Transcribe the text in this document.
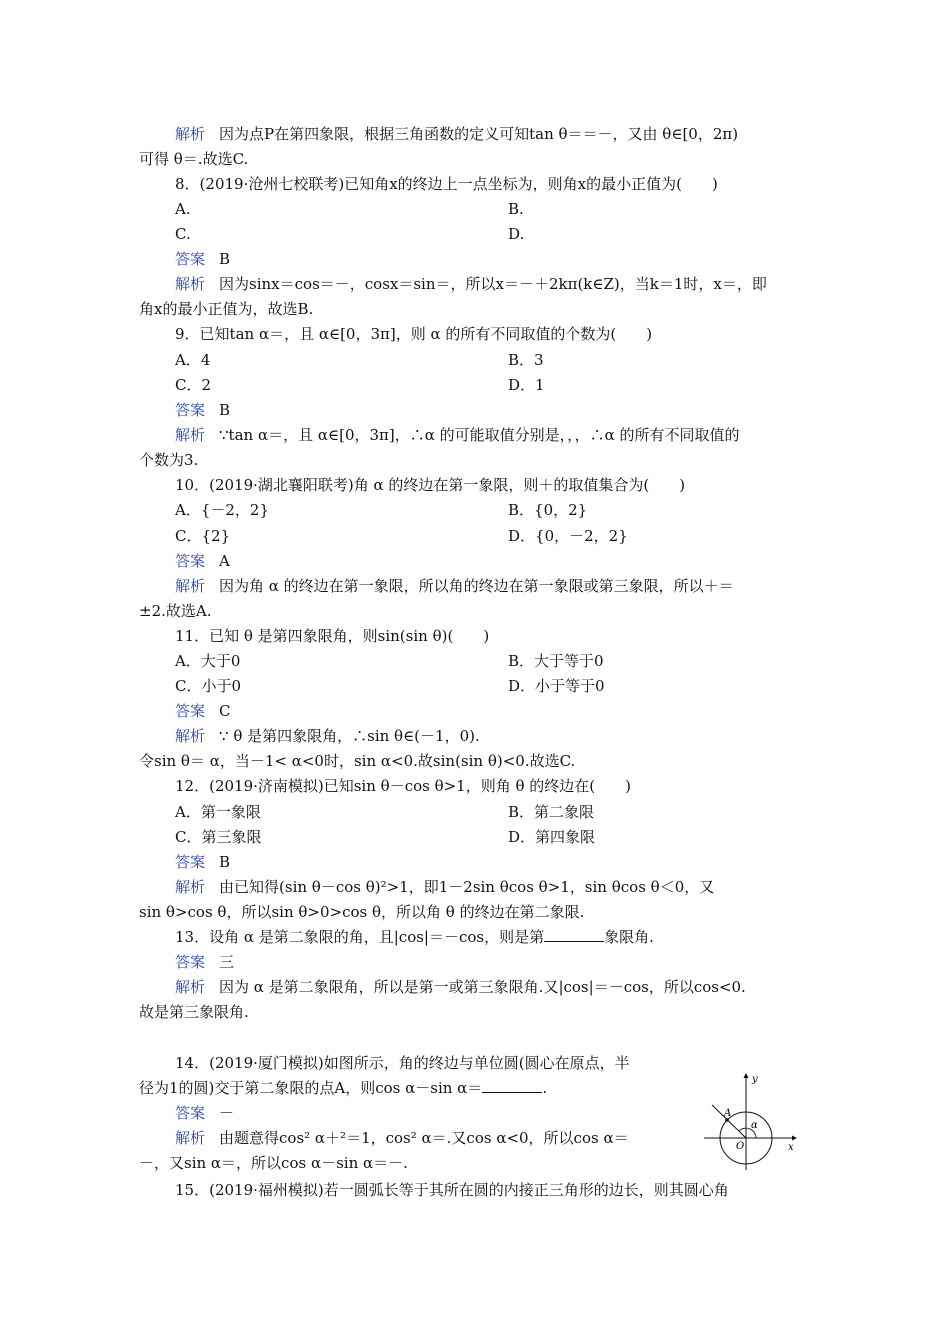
解析 因为点P在第四象限，根据三角函数的定义可知tan θ＝＝－，又由 θ∈[0，2π)
可得 θ＝.故选C.
8．(2019·沧州七校联考)已知角x的终边上一点坐标为，则角x的最小正值为(　　)
A.	B.
C.	D.
答案 B
解析 因为sinx＝cos＝－，cosx＝sin＝，所以x＝－＋2kπ(k∈Z)，当k＝1时，x＝，即
角x的最小正值为，故选B.
9．已知tan α＝，且 α∈[0，3π]，则 α 的所有不同取值的个数为(　　)
A．4	B．3
C．2	D．1
答案 B
解析 ∵tan α＝，且 α∈[0，3π]，∴α 的可能取值分别是，，，∴α 的所有不同取值的
个数为3.
10．(2019·湖北襄阳联考)角 α 的终边在第一象限，则＋的取值集合为(　　)
A．{－2，2}	B．{0，2}
C．{2}	D．{0，－2，2}
答案 A
解析 因为角 α 的终边在第一象限，所以角的终边在第一象限或第三象限，所以＋＝
±2.故选A.
11．已知 θ 是第四象限角，则sin(sin θ)(　　)
A．大于0	B．大于等于0
C．小于0	D．小于等于0
答案 C
解析 ∵ θ 是第四象限角，∴sin θ∈(－1，0).
令sin θ＝ α，当－1< α<0时，sin α<0.故sin(sin θ)<0.故选C.
12．(2019·济南模拟)已知sin θ－cos θ>1，则角 θ 的终边在(　　)
A．第一象限	B．第二象限
C．第三象限	D．第四象限
答案 B
解析 由已知得(sin θ－cos θ)²>1，即1－2sin θcos θ>1，sin θcos θ＜0，又
sin θ>cos θ，所以sin θ>0>cos θ，所以角 θ 的终边在第二象限.
13．设角 α 是第二象限的角，且|cos|＝－cos，则是第	象限角.
答案 三
解析 因为 α 是第二象限角，所以是第一或第三象限角.又|cos|＝－cos，所以cos<0.
故是第三象限角.
14．(2019·厦门模拟)如图所示，角的终边与单位圆(圆心在原点，半
径为1的圆)交于第二象限的点A，则cos α－sin α＝	.
答案 －
解析 由题意得cos² α＋²＝1，cos² α＝.又cos α<0，所以cos α＝
－，又sin α＝，所以cos α－sin α＝－.
y
x
O
A
α
15．(2019·福州模拟)若一圆弧长等于其所在圆的内接正三角形的边长，则其圆心角
